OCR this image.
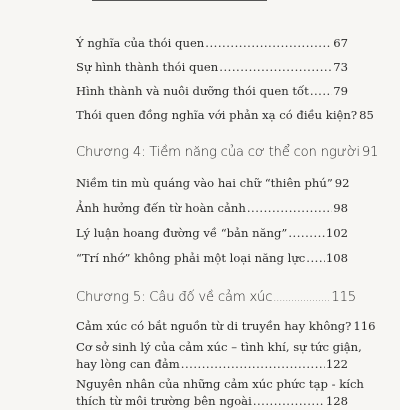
Ý nghĩa của thói quen .....	67
Sự hình thành thói quen .....	73
Hình thành và nuôi dưỡng thói quen tốt ..... 79
Thói quen đồng nghĩa với phản xạ có điều kiện? 85
Chương 4: Tiềm năng của cơ thể con người 91
Niềm tin mù quáng vào hai chữ “thiên phú” 92
Ảnh hưởng đến từ hoàn cảnh .....	98
Lý luận hoang đường về “bản năng” .....	102
“Trí nhớ” không phải một loại năng lực ..... 108
Chương 5: Câu đố về cảm xúc .....	115
Cảm xúc có bắt nguồn từ di truyền hay không? 116
Cơ sở sinh lý của cảm xúc – tình khí, sự tức giận,
hay lòng can đảm .....	122
Nguyên nhân của những cảm xúc phức tạp - kích
thích từ môi trường bên ngoài .....	128
